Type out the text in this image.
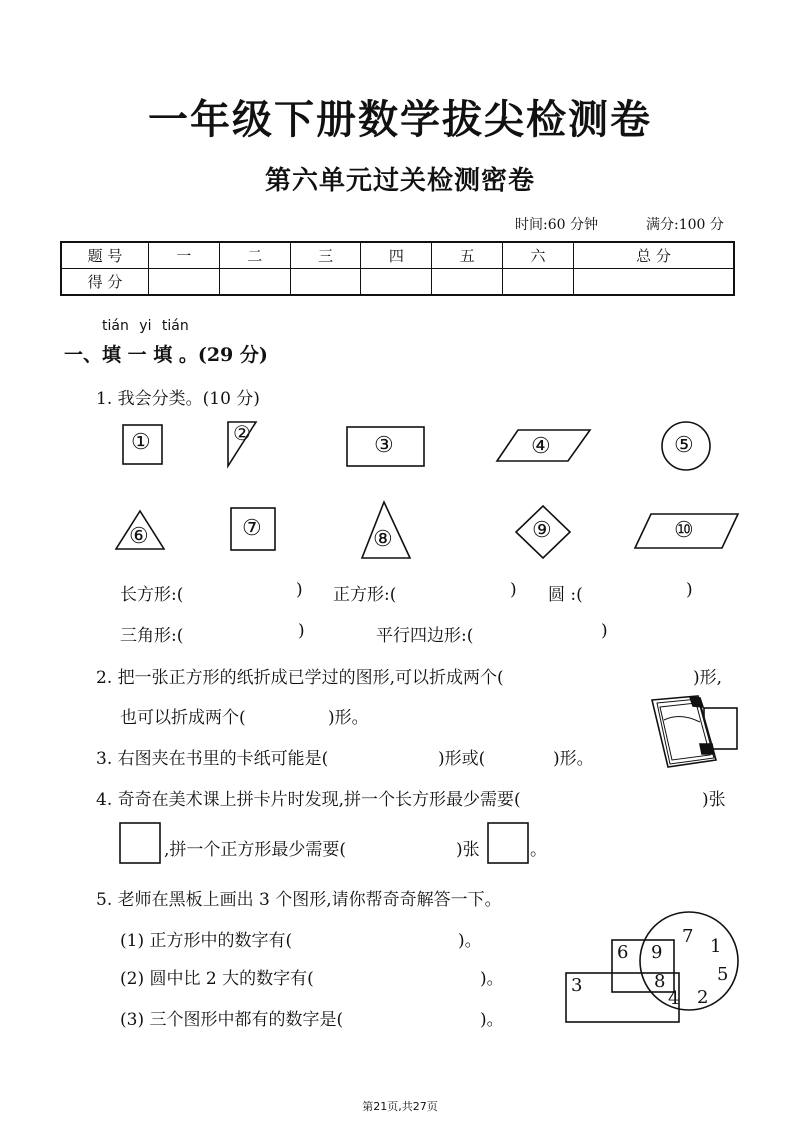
一年级下册数学拔尖检测卷
第六单元过关检测密卷
时间:60 分钟	满分:100 分
题 号	一	二	三	四	五	六	总 分
得 分							
tián yi tián
一、填 一 填 。(29 分)
1. 我会分类。(10 分)
①	②	③	④	⑤
⑥	⑦	⑧	⑨	⑩
长方形:(	) 正方形:(	) 圆 :(	)
三角形:(	)	平行四边形:(	)
2. 把一张正方形的纸折成已学过的图形,可以折成两个(	)形,
也可以折成两个(	)形。
3. 右图夹在书里的卡纸可能是(	)形或(	)形。
4. 奇奇在美术课上拼卡片时发现,拼一个长方形最少需要(	)张
,拼一个正方形最少需要(	)张	。
5. 老师在黑板上画出 3 个图形,请你帮奇奇解答一下。
(1) 正方形中的数字有(	)。
(2) 圆中比 2 大的数字有(	)。
(3) 三个图形中都有的数字是(	)。
6 9
7 1
5
3	8
4 2
第21页,共27页
